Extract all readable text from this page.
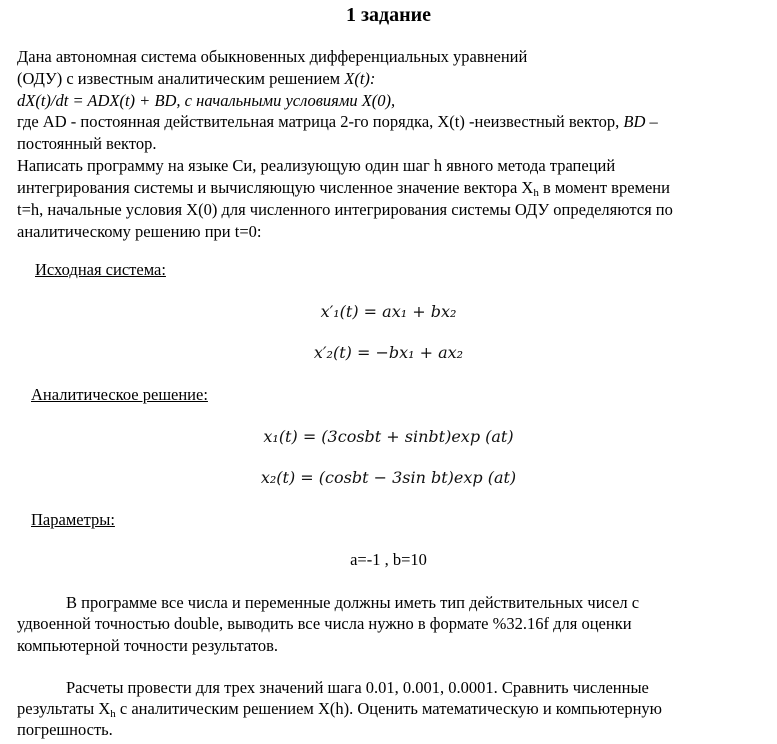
1 задание
Дана автономная система обыкновенных дифференциальных уравнений
(ОДУ) с известным аналитическим решением X(t):
dX(t)/dt = ADX(t) + BD, с начальными условиями X(0),
где AD - постоянная действительная матрица 2-го порядка, X(t) -неизвестный вектор, BD –
постоянный вектор.
Написать программу на языке Си, реализующую один шаг h явного метода трапеций
интегрирования системы и вычисляющую численное значение вектора $X_h$ в момент времени
t=h, начальные условия X(0) для численного интегрирования системы ОДУ определяются по
аналитическому решению при t=0:
Исходная система:
x′₁(t) = ax₁ + bx₂
x′₂(t) = −bx₁ + ax₂
Аналитическое решение:
x₁(t) = (3cosbt + sinbt)exp (at)
x₂(t) = (cosbt − 3sin bt)exp (at)
Параметры:
a=-1 , b=10
В программе все числа и переменные должны иметь тип действительных чисел с
удвоенной точностью double, выводить все числа нужно в формате %32.16f для оценки
компьютерной точности результатов.
Расчеты провести для трех значений шага 0.01, 0.001, 0.0001. Сравнить численные
результаты $X_h$ с аналитическим решением X(h). Оценить математическую и компьютерную
погрешность.
